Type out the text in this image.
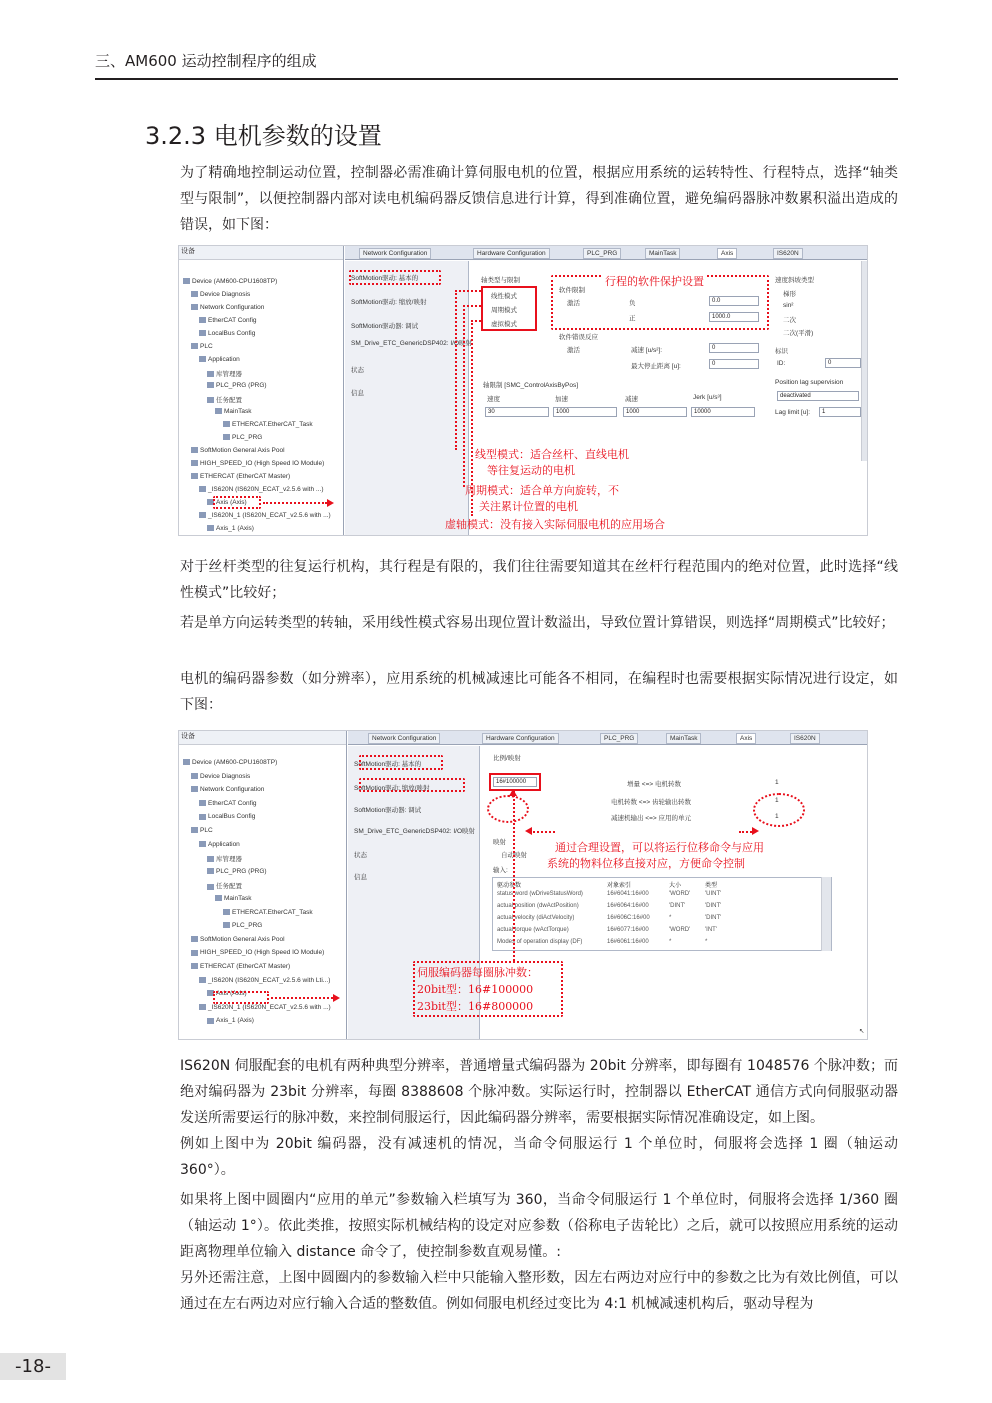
三、AM600 运动控制程序的组成
3.2.3 电机参数的设置
为了精确地控制运动位置，控制器必需准确计算伺服电机的位置，根据应用系统的运转特性、行程特点，选择“轴类型与限制”，以便控制器内部对读电机编码器反馈信息进行计算，得到准确位置，避免编码器脉冲数累积溢出造成的错误，如下图：
设备
Device (AM600-CPU1608TP)
Device Diagnosis
Network Configuration
EtherCAT Config
LocalBus Config
PLC
Application
库管理器
PLC_PRG (PRG)
任务配置
MainTask
ETHERCAT.EtherCAT_Task
PLC_PRG
SoftMotion General Axis Pool
HIGH_SPEED_IO (High Speed IO Module)
ETHERCAT (EtherCAT Master)
_IS620N (IS620N_ECAT_v2.5.6 with ...)
Axis (Axis)
_IS620N_1 (IS620N_ECAT_v2.5.6 with ...)
Axis_1 (Axis)
Network Configuration	Hardware Configuration	PLC_PRG	MainTask	Axis	IS620N
SoftMotion驱动: 基本的
SoftMotion驱动: 缩放/映射
SoftMotion驱动器: 调试
SM_Drive_ETC_GenericDSP402: I/O映射
状态
信息
轴类型与限制
线性模式
周期模式
虚拟模式
软件限制
激活	负	0.0
正	1000.0
软件错误反应
激活	减速 [u/s²]:	0
最大停止距离 [u]:	0
轴限制 [SMC_ControlAxisByPos]
速度	加速	减速	Jerk [u/s³]
30	1000	1000	10000
速度斜坡类型
梯形
sin²
二次
二次(平滑)
标识
ID:	0
Position lag supervision
deactivated
Lag limit [u]:	1
行程的软件保护设置
线型模式：适合丝杆、直线电机
等往复运动的电机
周期模式：适合单方向旋转，不
关注累计位置的电机
虚轴模式：没有接入实际伺服电机的应用场合
对于丝杆类型的往复运行机构，其行程是有限的，我们往往需要知道其在丝杆行程范围内的绝对位置，此时选择“线性模式”比较好；
若是单方向运转类型的转轴，采用线性模式容易出现位置计数溢出，导致位置计算错误，则选择“周期模式”比较好；
电机的编码器参数（如分辨率），应用系统的机械减速比可能各不相同，在编程时也需要根据实际情况进行设定，如下图：
设备
Device (AM600-CPU1608TP)
Device Diagnosis
Network Configuration
EtherCAT Config
LocalBus Config
PLC
Application
库管理器
PLC_PRG (PRG)
任务配置
MainTask
ETHERCAT.EtherCAT_Task
PLC_PRG
SoftMotion General Axis Pool
HIGH_SPEED_IO (High Speed IO Module)
ETHERCAT (EtherCAT Master)
_IS620N (IS620N_ECAT_v2.5.6 with Lti...)
Axis (Axis)
_IS620N_1 (IS620N_ECAT_v2.5.6 with ...)
Axis_1 (Axis)
Network Configuration	Hardware Configuration	PLC_PRG	MainTask	Axis	IS620N
SoftMotion驱动: 基本的
SoftMotion驱动: 缩放/映射
SoftMotion驱动器: 调试
SM_Drive_ETC_GenericDSP402: I/O映射
状态
信息
比例/映射
16#100000	增量 <=> 电机转数	1
电机转数 <=> 齿轮输出转数	1
减速机输出 <=> 应用的单元	1
映射
自动映射
输入:
驱动参数	对象索引	大小	类型
status word (wDriveStatusWord)	16#6041:16#00	'WORD' 'UINT'
actual position (dwActPosition)	16#6064:16#00	'DINT'	'DINT'
actual velocity (diActVelocity)	16#606C:16#00	*	'DINT'
actual torque (wActTorque)	16#6077:16#00	'WORD' 'INT'
Modes of operation display (DF)	16#6061:16#00	*	*
↖
通过合理设置，可以将运行位移命令与应用
系统的物料位移直接对应，方便命令控制
伺服编码器每圈脉冲数：
20bit型：16#100000
23bit型：16#800000
IS620N 伺服配套的电机有两种典型分辨率，普通增量式编码器为 20bit 分辨率，即每圈有 1048576 个脉冲数；而绝对编码器为 23bit 分辨率，每圈 8388608 个脉冲数。实际运行时，控制器以 EtherCAT 通信方式向伺服驱动器发送所需要运行的脉冲数，来控制伺服运行，因此编码器分辨率，需要根据实际情况准确设定，如上图。
例如上图中为 20bit 编码器，没有减速机的情况，当命令伺服运行 1 个单位时，伺服将会选择 1 圈（轴运动 360°）。
如果将上图中圆圈内“应用的单元”参数输入栏填写为 360，当命令伺服运行 1 个单位时，伺服将会选择 1/360 圈（轴运动 1°）。依此类推，按照实际机械结构的设定对应参数（俗称电子齿轮比）之后，就可以按照应用系统的运动距离物理单位输入 distance 命令了，使控制参数直观易懂。:
另外还需注意，上图中圆圈内的参数输入栏中只能输入整形数，因左右两边对应行中的参数之比为有效比例值，可以通过在左右两边对应行输入合适的整数值。例如伺服电机经过变比为 4:1 机械减速机构后，驱动导程为
-18-
